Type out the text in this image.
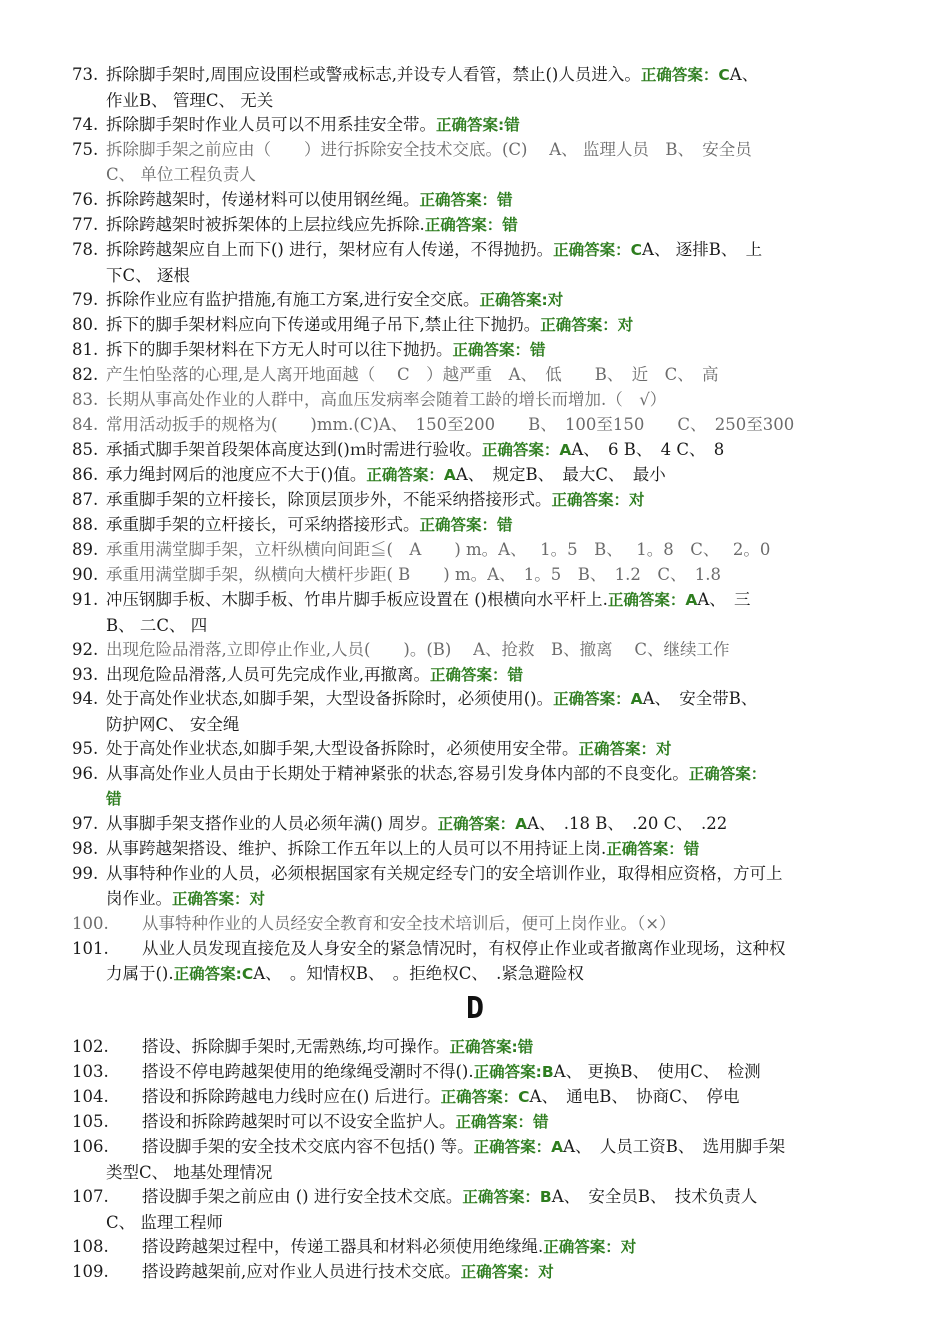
73. 拆除脚手架时,周围应设围栏或警戒标志,并设专人看管，禁止()人员进入。正确答案：CA、
作业B、 管理C、 无关
74. 拆除脚手架时作业人员可以不用系挂安全带。正确答案:错
75. 拆除脚手架之前应由（　　）进行拆除安全技术交底。(C)　 A、 监理人员　B、　安全员
C、 单位工程负责人
76. 拆除跨越架时，传递材料可以使用钢丝绳。正确答案：错
77. 拆除跨越架时被拆架体的上层拉线应先拆除.正确答案：错
78. 拆除跨越架应自上而下() 进行，架材应有人传递，不得抛扔。正确答案：CA、 逐排B、　上
下C、 逐根
79. 拆除作业应有监护措施,有施工方案,进行安全交底。正确答案:对
80. 拆下的脚手架材料应向下传递或用绳子吊下,禁止往下抛扔。正确答案：对
81. 拆下的脚手架材料在下方无人时可以往下抛扔。正确答案：错
82. 产生怕坠落的心理,是人离开地面越（　 C　）越严重　A、　低　　B、　近　C、　高
83. 长期从事高处作业的人群中，高血压发病率会随着工龄的增长而增加.（　√）
84. 常用活动扳手的规格为(　　)mm.(C)A、　150至200　　B、　100至150　　C、　250至300
85. 承插式脚手架首段架体高度达到()ｍ时需进行验收。正确答案：AA、　6 B、　4 C、　8
86. 承力绳封网后的池度应不大于()值。正确答案：AA、　规定B、　最大C、　最小
87. 承重脚手架的立杆接长，除顶层顶步外，不能采纳搭接形式。正确答案：对
88. 承重脚手架的立杆接长，可采纳搭接形式。正确答案：错
89. 承重用满堂脚手架，立杆纵横向间距≦(　A　　) m。A、　 1。5　B、　 1。8　C、　 2。0
90. 承重用满堂脚手架，纵横向大横杆步距( B　　) m。A、　1。5　B、　1.2　C、　1.8
91. 冲压钢脚手板、木脚手板、竹串片脚手板应设置在 ()根横向水平杆上.正确答案：AA、　三
B、 二C、 四
92. 出现危险品滑落,立即停止作业,人员(　　)。(B)　 A、抢救　B、撤离　 C、继续工作
93. 出现危险品滑落,人员可先完成作业,再撤离。正确答案：错
94. 处于高处作业状态,如脚手架，大型设备拆除时，必须使用()。正确答案：AA、　安全带B、
防护网C、 安全绳
95. 处于高处作业状态,如脚手架,大型设备拆除时，必须使用安全带。正确答案：对
96. 从事高处作业人员由于长期处于精神紧张的状态,容易引发身体内部的不良变化。正确答案：
错
97. 从事脚手架支搭作业的人员必须年满() 周岁。正确答案：AA、　.18 B、　.20 C、　.22
98. 从事跨越架搭设、维护、拆除工作五年以上的人员可以不用持证上岗.正确答案：错
99. 从事特种作业的人员，必须根据国家有关规定经专门的安全培训作业，取得相应资格，方可上
岗作业。正确答案：对
100. 从事特种作业的人员经安全教育和安全技术培训后，便可上岗作业。（×）
101. 从业人员发现直接危及人身安全的紧急情况时，有权停止作业或者撤离作业现场，这种权
力属于().正确答案:CA、　。知情权B、　。拒绝权C、　.紧急避险权
D
102. 搭设、拆除脚手架时,无需熟练,均可操作。正确答案:错
103. 搭设不停电跨越架使用的绝缘绳受潮时不得().正确答案:BA、 更换B、　使用C、　检测
104. 搭设和拆除跨越电力线时应在() 后进行。正确答案：CA、　通电B、　协商C、　停电
105. 搭设和拆除跨越架时可以不设安全监护人。正确答案：错
106. 搭设脚手架的安全技术交底内容不包括() 等。正确答案：AA、　人员工资B、　选用脚手架
类型C、 地基处理情况
107. 搭设脚手架之前应由 () 进行安全技术交底。正确答案：BA、　安全员B、　技术负责人
C、 监理工程师
108. 搭设跨越架过程中，传递工器具和材料必须使用绝缘绳.正确答案：对
109. 搭设跨越架前,应对作业人员进行技术交底。正确答案：对
